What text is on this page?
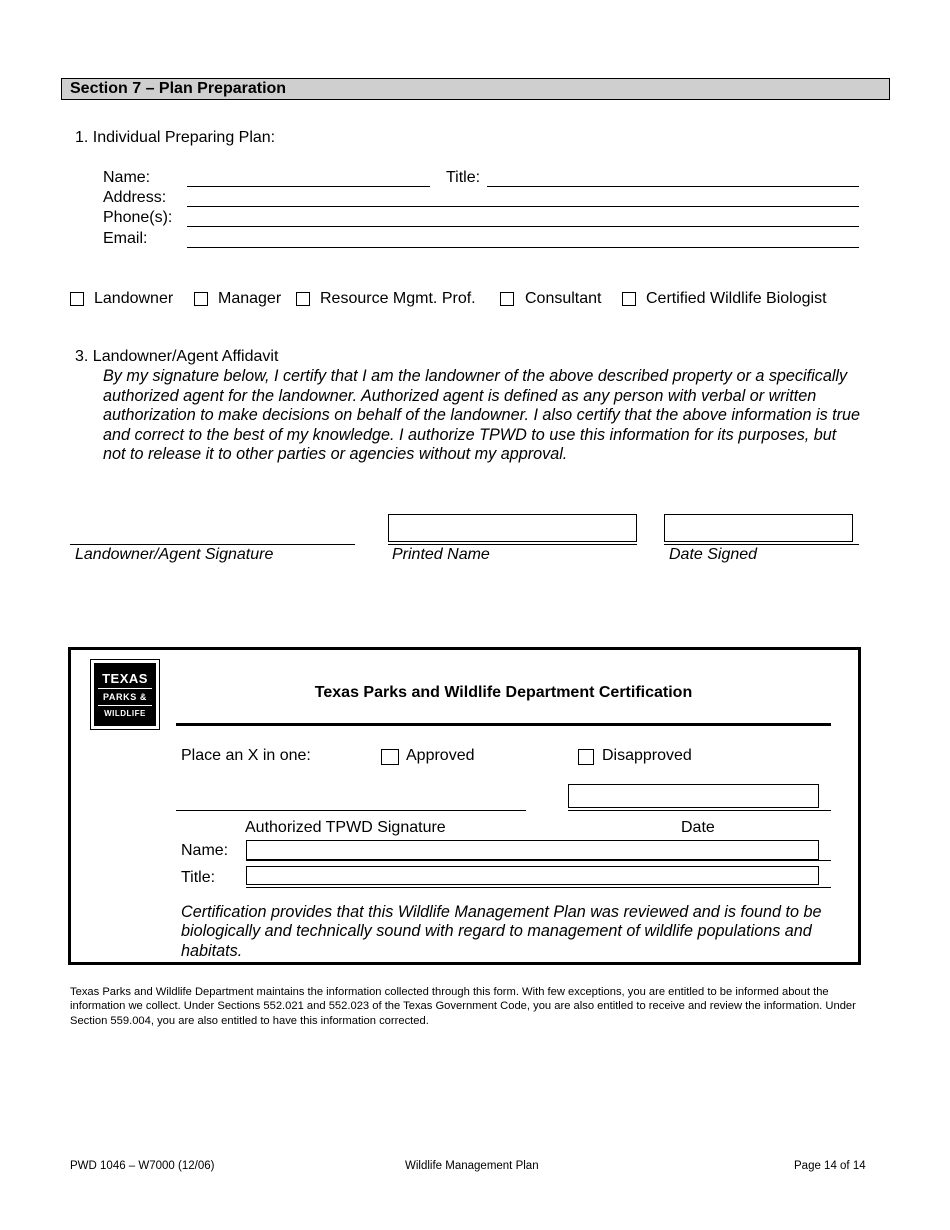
Section 7 – Plan Preparation
1. Individual Preparing Plan:
Name:	Title:
Address:
Phone(s):
Email:
Landowner	Manager Resource Mgmt. Prof.	Consultant	Certified Wildlife Biologist
3. Landowner/Agent Affidavit
By my signature below, I certify that I am the landowner of the above described property or a specifically authorized agent for the landowner. Authorized agent is defined as any person with verbal or written authorization to make decisions on behalf of the landowner. I also certify that the above information is true and correct to the best of my knowledge. I authorize TPWD to use this information for its purposes, but not to release it to other parties or agencies without my approval.
Landowner/Agent Signature	Printed Name	Date Signed
TEXAS
PARKS &
WILDLIFE
Texas Parks and Wildlife Department Certification
Place an X in one:	Approved	Disapproved
Authorized TPWD Signature	Date
Name:
Title:
Certification provides that this Wildlife Management Plan was reviewed and is found to be biologically and technically sound with regard to management of wildlife populations and habitats.
Texas Parks and Wildlife Department maintains the information collected through this form. With few exceptions, you are entitled to be informed about the information we collect. Under Sections 552.021 and 552.023 of the Texas Government Code, you are also entitled to receive and review the information. Under Section 559.004, you are also entitled to have this information corrected.
PWD 1046 – W7000 (12/06)	Wildlife Management Plan	Page 14 of 14
